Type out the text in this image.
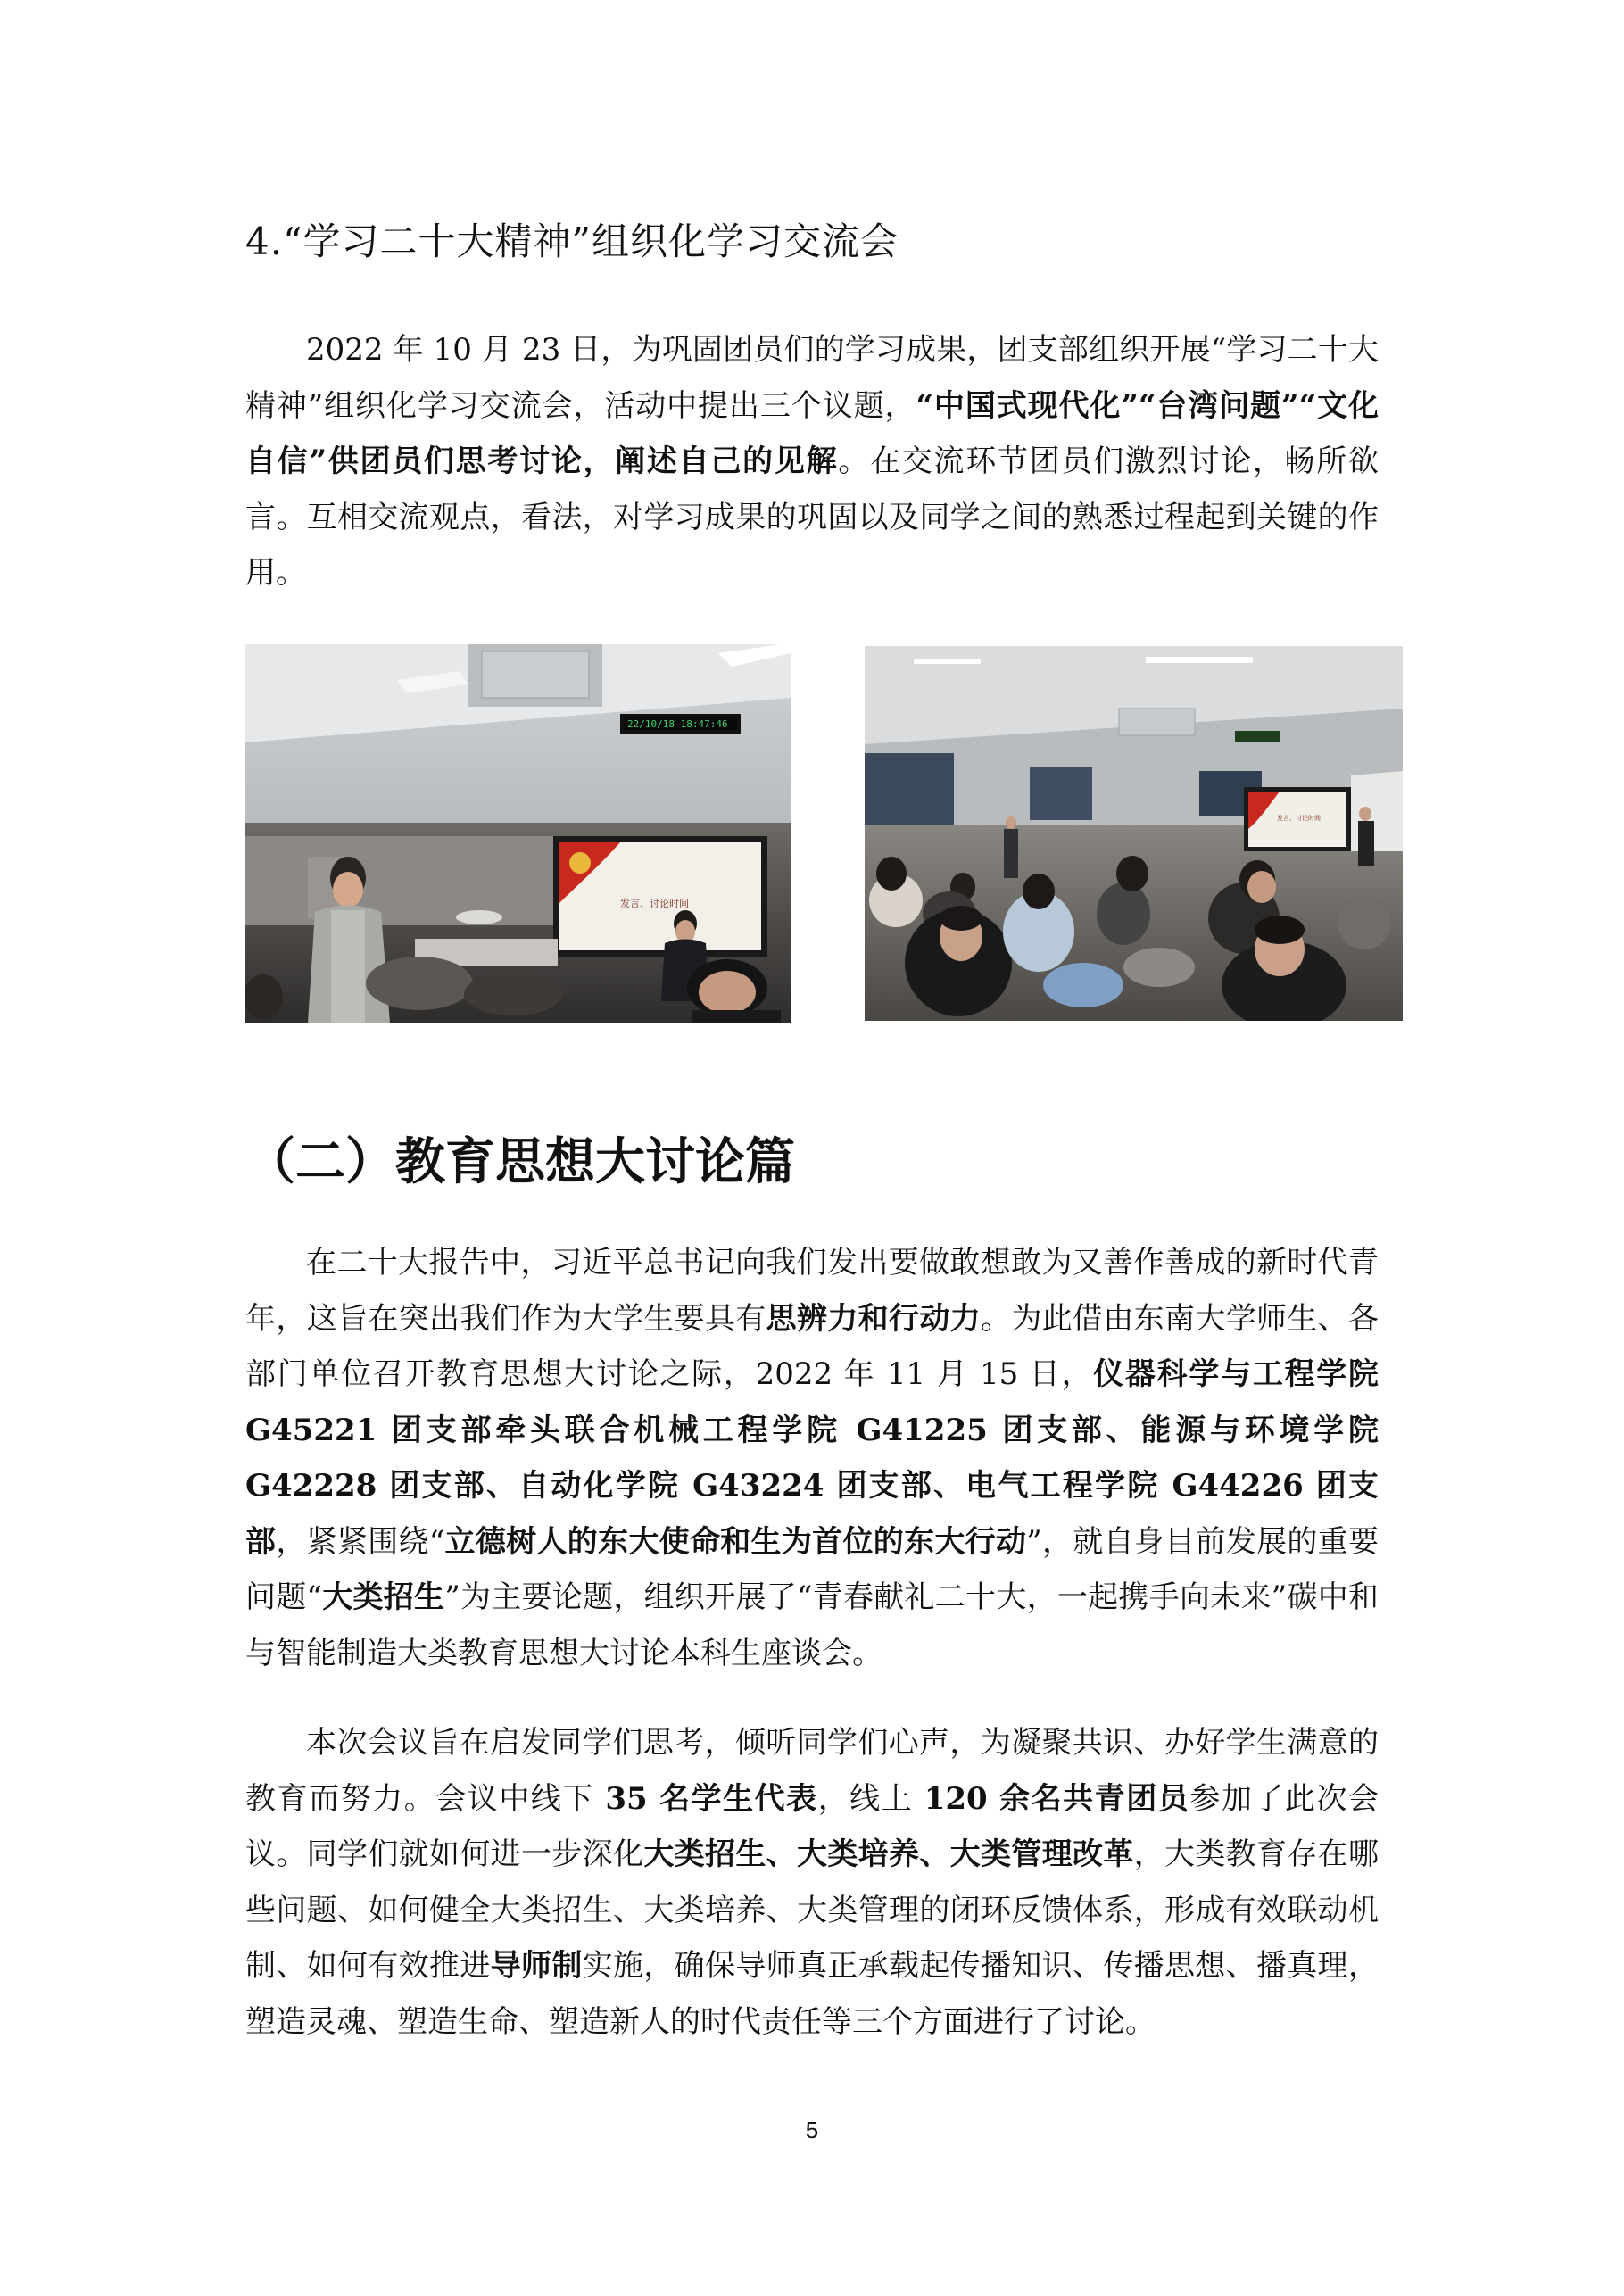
4.“学习二十大精神”组织化学习交流会

2022 年 10 月 23 日，为巩固团员们的学习成果，团支部组织开展“学习二十大精神”组织化学习交流会，活动中提出三个议题，“中国式现代化”“台湾问题”“文化自信”供团员们思考讨论，阐述自己的见解。在交流环节团员们激烈讨论，畅所欲言。互相交流观点，看法，对学习成果的巩固以及同学之间的熟悉过程起到关键的作用。

22/10/18 18:47:46
发言、讨论时间
发言、讨论时间
（二）教育思想大讨论篇

在二十大报告中，习近平总书记向我们发出要做敢想敢为又善作善成的新时代青年，这旨在突出我们作为大学生要具有思辨力和行动力。为此借由东南大学师生、各部门单位召开教育思想大讨论之际，2022 年 11 月 15 日，仪器科学与工程学院 G45221 团支部牵头联合机械工程学院 G41225 团支部、能源与环境学院 G42228 团支部、自动化学院 G43224 团支部、电气工程学院 G44226 团支部，紧紧围绕“立德树人的东大使命和生为首位的东大行动”，就自身目前发展的重要问题“大类招生”为主要论题，组织开展了“青春献礼二十大，一起携手向未来”碳中和与智能制造大类教育思想大讨论本科生座谈会。

本次会议旨在启发同学们思考，倾听同学们心声，为凝聚共识、办好学生满意的教育而努力。会议中线下 35 名学生代表，线上 120 余名共青团员参加了此次会议。同学们就如何进一步深化大类招生、大类培养、大类管理改革，大类教育存在哪些问题、如何健全大类招生、大类培养、大类管理的闭环反馈体系，形成有效联动机制、如何有效推进导师制实施，确保导师真正承载起传播知识、传播思想、播真理，塑造灵魂、塑造生命、塑造新人的时代责任等三个方面进行了讨论。

5
